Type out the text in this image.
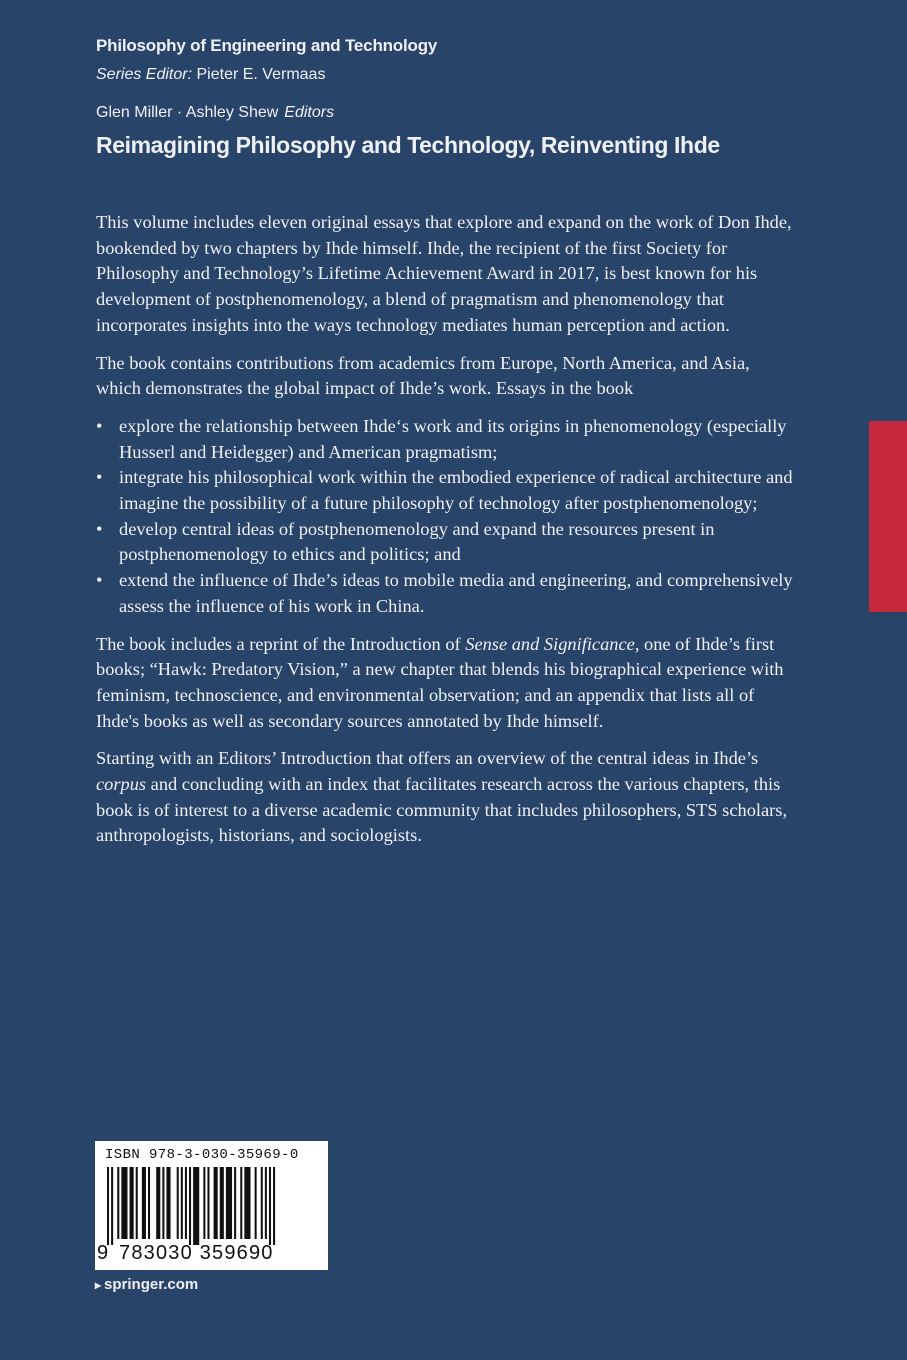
Philosophy of Engineering and Technology
Series Editor: Pieter E. Vermaas
Glen Miller · Ashley Shew Editors
Reimagining Philosophy and Technology, Reinventing Ihde

This volume includes eleven original essays that explore and expand on the work of Don Ihde, bookended by two chapters by Ihde himself. Ihde, the recipient of the first Society for Philosophy and Technology’s Lifetime Achievement Award in 2017, is best known for his development of postphenomenology, a blend of pragmatism and phenomenology that incorporates insights into the ways technology mediates human perception and action.

The book contains contributions from academics from Europe, North America, and Asia, which demonstrates the global impact of Ihde’s work. Essays in the book

• explore the relationship between Ihde‘s work and its origins in phenomenology (especially Husserl and Heidegger) and American pragmatism;
• integrate his philosophical work within the embodied experience of radical architecture and imagine the possibility of a future philosophy of technology after postphenomenology;
• develop central ideas of postphenomenology and expand the resources present in postphenomenology to ethics and politics; and
• extend the influence of Ihde’s ideas to mobile media and engineering, and comprehensively assess the influence of his work in China.

The book includes a reprint of the Introduction of Sense and Significance, one of Ihde’s first books; “Hawk: Predatory Vision,” a new chapter that blends his biographical experience with feminism, technoscience, and environmental observation; and an appendix that lists all of Ihde's books as well as secondary sources annotated by Ihde himself.

Starting with an Editors’ Introduction that offers an overview of the central ideas in Ihde’s corpus and concluding with an index that facilitates research across the various chapters, this book is of interest to a diverse academic community that includes philosophers, STS scholars, anthropologists, historians, and sociologists.

ISBN 978-3-030-35969-0
9 783030 359690
▸ springer.com
